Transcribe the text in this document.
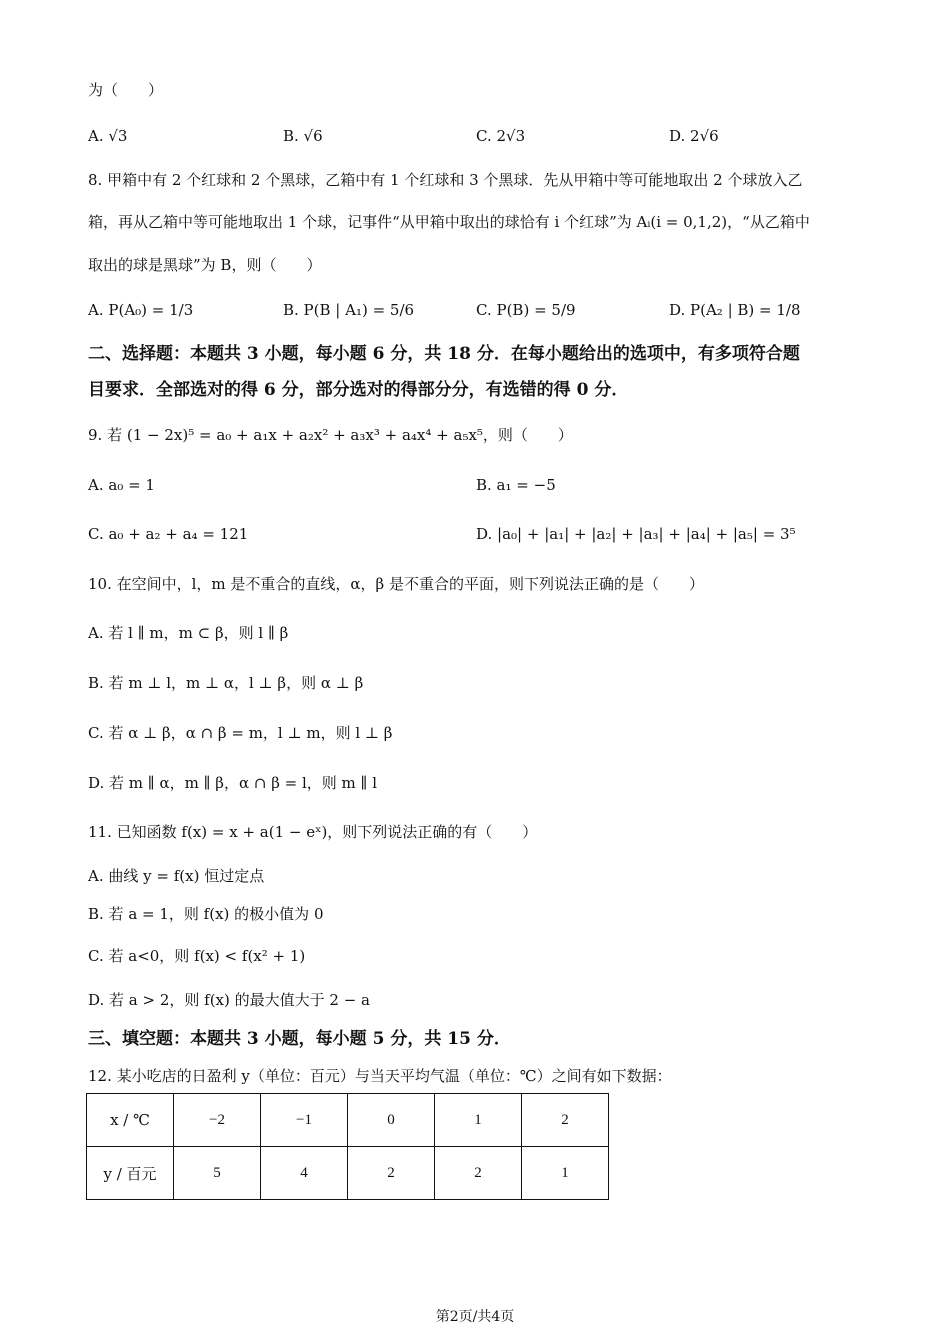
为（　　）
A. √3	B. √6	C. 2√3	D. 2√6
8. 甲箱中有 2 个红球和 2 个黑球，乙箱中有 1 个红球和 3 个黑球．先从甲箱中等可能地取出 2 个球放入乙
箱，再从乙箱中等可能地取出 1 个球，记事件“从甲箱中取出的球恰有 i 个红球”为 Aᵢ(i = 0,1,2)，“从乙箱中
取出的球是黑球”为 B，则（　　）
A. P(A₀) = 1/3	B. P(B | A₁) = 5/6	C. P(B) = 5/9	D. P(A₂ | B) = 1/8
二、选择题：本题共 3 小题，每小题 6 分，共 18 分．在每小题给出的选项中，有多项符合题
目要求．全部选对的得 6 分，部分选对的得部分分，有选错的得 0 分．
9. 若 (1 − 2x)⁵ = a₀ + a₁x + a₂x² + a₃x³ + a₄x⁴ + a₅x⁵，则（　　）
A. a₀ = 1	B. a₁ = −5
C. a₀ + a₂ + a₄ = 121	D. |a₀| + |a₁| + |a₂| + |a₃| + |a₄| + |a₅| = 3⁵
10. 在空间中，l，m 是不重合的直线，α，β 是不重合的平面，则下列说法正确的是（　　）
A. 若 l ∥ m，m ⊂ β，则 l ∥ β
B. 若 m ⊥ l，m ⊥ α，l ⊥ β，则 α ⊥ β
C. 若 α ⊥ β，α ∩ β = m，l ⊥ m，则 l ⊥ β
D. 若 m ∥ α，m ∥ β，α ∩ β = l，则 m ∥ l
11. 已知函数 f(x) = x + a(1 − eˣ)，则下列说法正确的有（　　）
A. 曲线 y = f(x) 恒过定点
B. 若 a = 1，则 f(x) 的极小值为 0
C. 若 a<0，则 f(x) < f(x² + 1)
D. 若 a > 2，则 f(x) 的最大值大于 2 − a
三、填空题：本题共 3 小题，每小题 5 分，共 15 分．
12. 某小吃店的日盈利 y（单位：百元）与当天平均气温（单位：℃）之间有如下数据：
x / ℃	−2	−1	0	1	2
y / 百元	5	4	2	2	1
第2页/共4页
